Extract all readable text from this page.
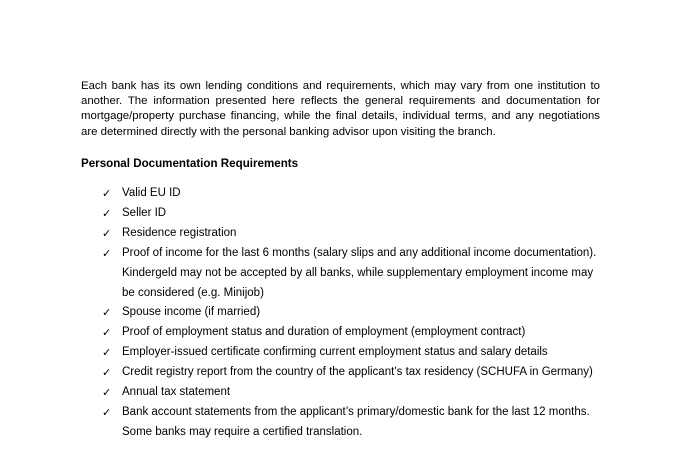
Each bank has its own lending conditions and requirements, which may vary from one institution to another. The information presented here reflects the general requirements and documentation for mortgage/property purchase financing, while the final details, individual terms, and any negotiations are determined directly with the personal banking advisor upon visiting the branch.

Personal Documentation Requirements

✓ Valid EU ID
✓ Seller ID
✓ Residence registration
✓ Proof of income for the last 6 months (salary slips and any additional income documentation). Kindergeld may not be accepted by all banks, while supplementary employment income may be considered (e.g. Minijob)
✓ Spouse income (if married)
✓ Proof of employment status and duration of employment (employment contract)
✓ Employer-issued certificate confirming current employment status and salary details
✓ Credit registry report from the country of the applicant’s tax residency (SCHUFA in Germany)
✓ Annual tax statement
✓ Bank account statements from the applicant’s primary/domestic bank for the last 12 months. Some banks may require a certified translation.
